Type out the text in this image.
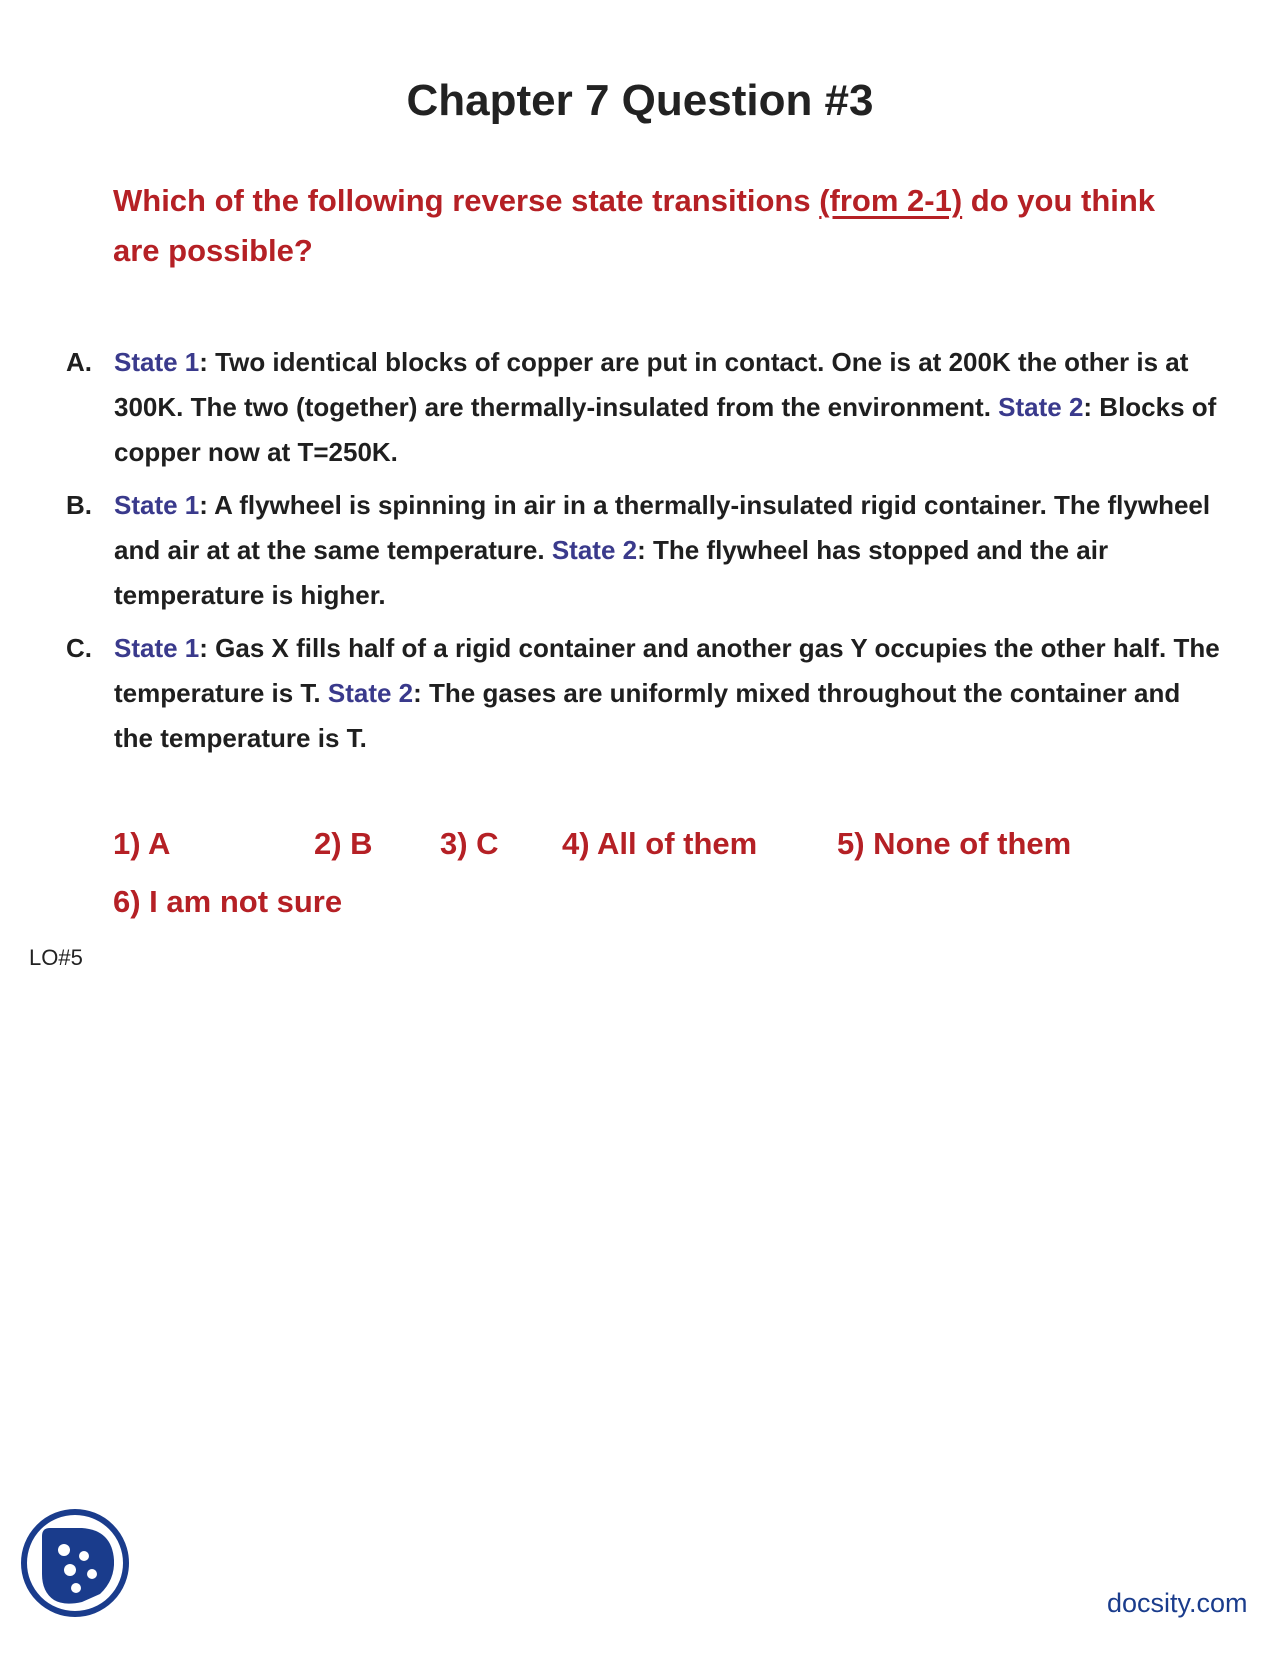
Chapter 7 Question #3
Which of the following reverse state transitions (from 2-1) do you think are possible?
A. State 1: Two identical blocks of copper are put in contact. One is at 200K the other is at 300K. The two (together) are thermally-insulated from the environment. State 2: Blocks of copper now at T=250K.
B. State 1: A flywheel is spinning in air in a thermally-insulated rigid container. The flywheel and air at at the same temperature. State 2: The flywheel has stopped and the air temperature is higher.
C. State 1: Gas X fills half of a rigid container and another gas Y occupies the other half. The temperature is T. State 2: The gases are uniformly mixed throughout the container and the temperature is T.
1) A	2) B 3) C 4) All of them	5) None of them
6) I am not sure
LO#5
docsity.com
